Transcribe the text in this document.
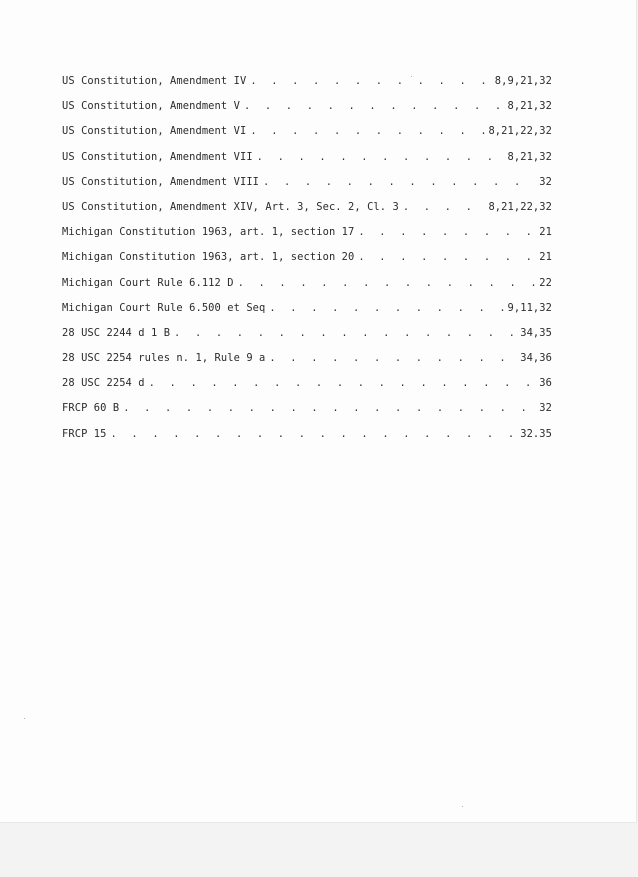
US Constitution, Amendment IV . . .	8,9,21,32
US Constitution, Amendment V . . .	8,21,32
US Constitution, Amendment VI . . .	8,21,22,32
US Constitution, Amendment VII . . .	8,21,32
US Constitution, Amendment VIII . . .	32
US Constitution, Amendment XIV, Art. 3, Sec. 2, Cl. 3 . . .	8,21,22,32
Michigan Constitution 1963, art. 1, section 17 . . .	21
Michigan Constitution 1963, art. 1, section 20 . . .	21
Michigan Court Rule 6.112 D . . .	22
Michigan Court Rule 6.500 et Seq . . .	9,11,32
28 USC 2244 d 1 B . . .	34,35
28 USC 2254 rules n. 1, Rule 9 a . . .	34,36
28 USC 2254 d . . .	36
FRCP 60 B . . .	32
FRCP 15 . . .	32.35
